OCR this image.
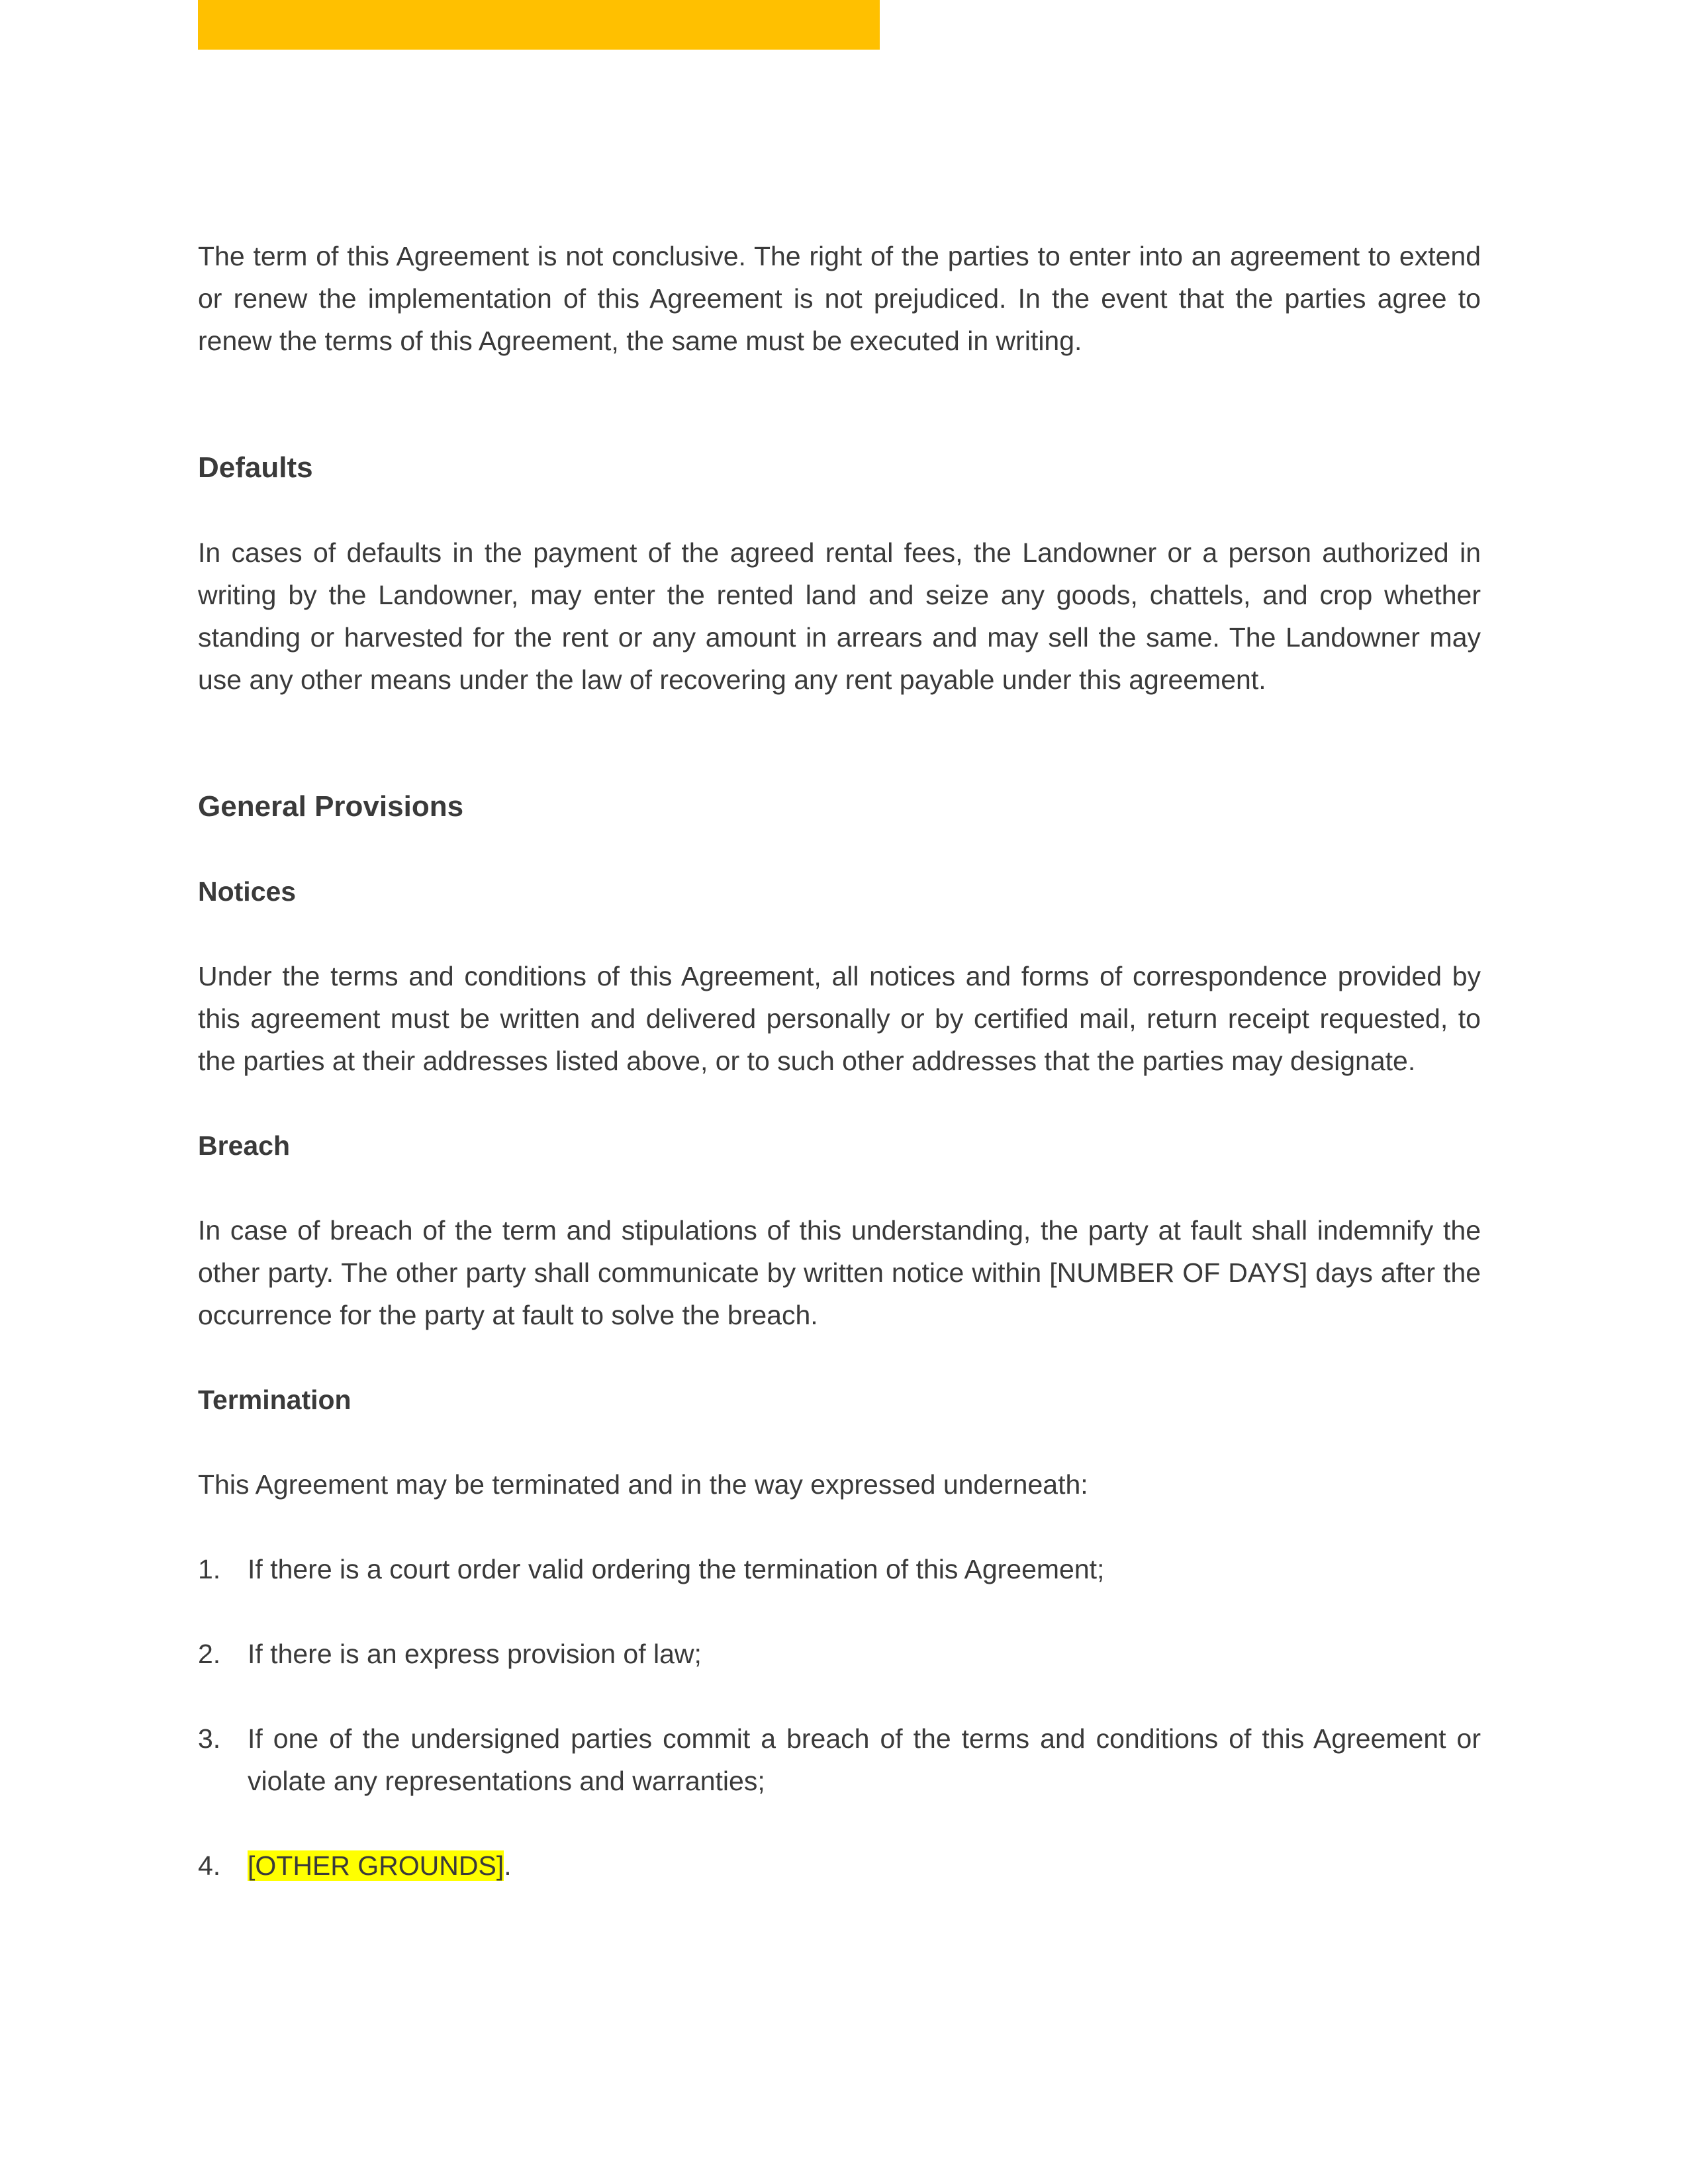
The term of this Agreement is not conclusive. The right of the parties to enter into an agreement to extend or renew the implementation of this Agreement is not prejudiced. In the event that the parties agree to renew the terms of this Agreement, the same must be executed in writing.

Defaults

In cases of defaults in the payment of the agreed rental fees, the Landowner or a person authorized in writing by the Landowner, may enter the rented land and seize any goods, chattels, and crop whether standing or harvested for the rent or any amount in arrears and may sell the same. The Landowner may use any other means under the law of recovering any rent payable under this agreement.

General Provisions
Notices

Under the terms and conditions of this Agreement, all notices and forms of correspondence provided by this agreement must be written and delivered personally or by certified mail, return receipt requested, to the parties at their addresses listed above, or to such other addresses that the parties may designate.

Breach

In case of breach of the term and stipulations of this understanding, the party at fault shall indemnify the other party. The other party shall communicate by written notice within [NUMBER OF DAYS] days after the occurrence for the party at fault to solve the breach.

Termination

This Agreement may be terminated and in the way expressed underneath:

1. If there is a court order valid ordering the termination of this Agreement;
2. If there is an express provision of law;
3. If one of the undersigned parties commit a breach of the terms and conditions of this Agreement or violate any representations and warranties;
4. [OTHER GROUNDS].
